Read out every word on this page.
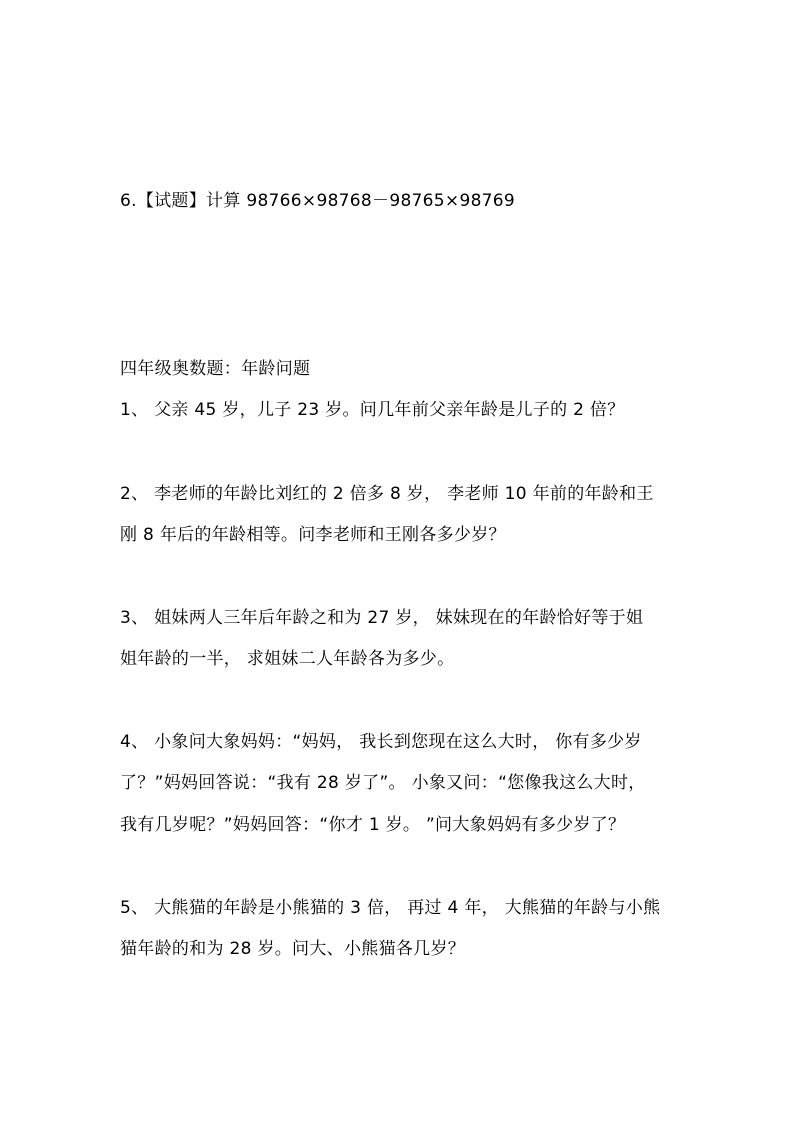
6.【试题】计算 98766×98768－98765×98769
四年级奥数题：年龄问题
1、 父亲 45 岁，儿子 23 岁。问几年前父亲年龄是儿子的 2 倍？
2、 李老师的年龄比刘红的 2 倍多 8 岁， 李老师 10 年前的年龄和王
刚 8 年后的年龄相等。问李老师和王刚各多少岁？
3、 姐妹两人三年后年龄之和为 27 岁， 妹妹现在的年龄恰好等于姐
姐年龄的一半， 求姐妹二人年龄各为多少。
4、 小象问大象妈妈：“妈妈， 我长到您现在这么大时， 你有多少岁
了？”妈妈回答说：“我有 28 岁了”。 小象又问：“您像我这么大时，
我有几岁呢？”妈妈回答：“你才 1 岁。 ”问大象妈妈有多少岁了？
5、 大熊猫的年龄是小熊猫的 3 倍， 再过 4 年， 大熊猫的年龄与小熊
猫年龄的和为 28 岁。问大、小熊猫各几岁？
